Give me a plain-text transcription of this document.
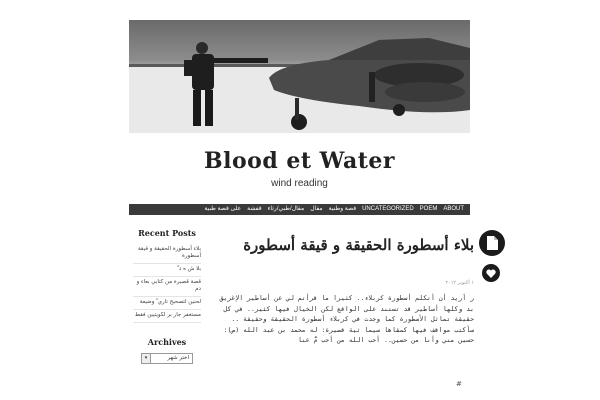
Blood et Water
wind reading
ABOUT
POEM
UNCATEGORIZED
قصة وطنية
مقال
مقال/طبي/رثاء
قفشة
على قصة طبية
Recent Posts
بلاء أسطورة الحقيقة و قيقة أسطورة
بلا ش ه د ٌ
قصة قصيرة من كتابي بعاء و دم
لحنين لتصحيح تاري ٌ وضيعة
مستغفر جار بر لكويتيين فقط
Archives
اختر شهر
▾
بلاء أسطورة الحقيقة و قيقة أسطورة
١ أكتوبر ٢٠١٢
ر أريد أن أتكلم أسطورة كربلاء.. كثيرا ما قرأتم لي عن أساطير الإغريق بد وكلها أساطير قد تستند على الواقع لكن الخيال فيها كثير.. في كل حقيقة تماثل الأسطورة كما وجدت في كربلاء أسطورة الحقيقة وحقيقة .. سأكتب مواقف فيها كمقاها سيما ثية قصيرة: له محمد بن عبد الله (ص): حسين مني وأنا من حسين.. أحب الله من أحب مًٌ عنا
#
